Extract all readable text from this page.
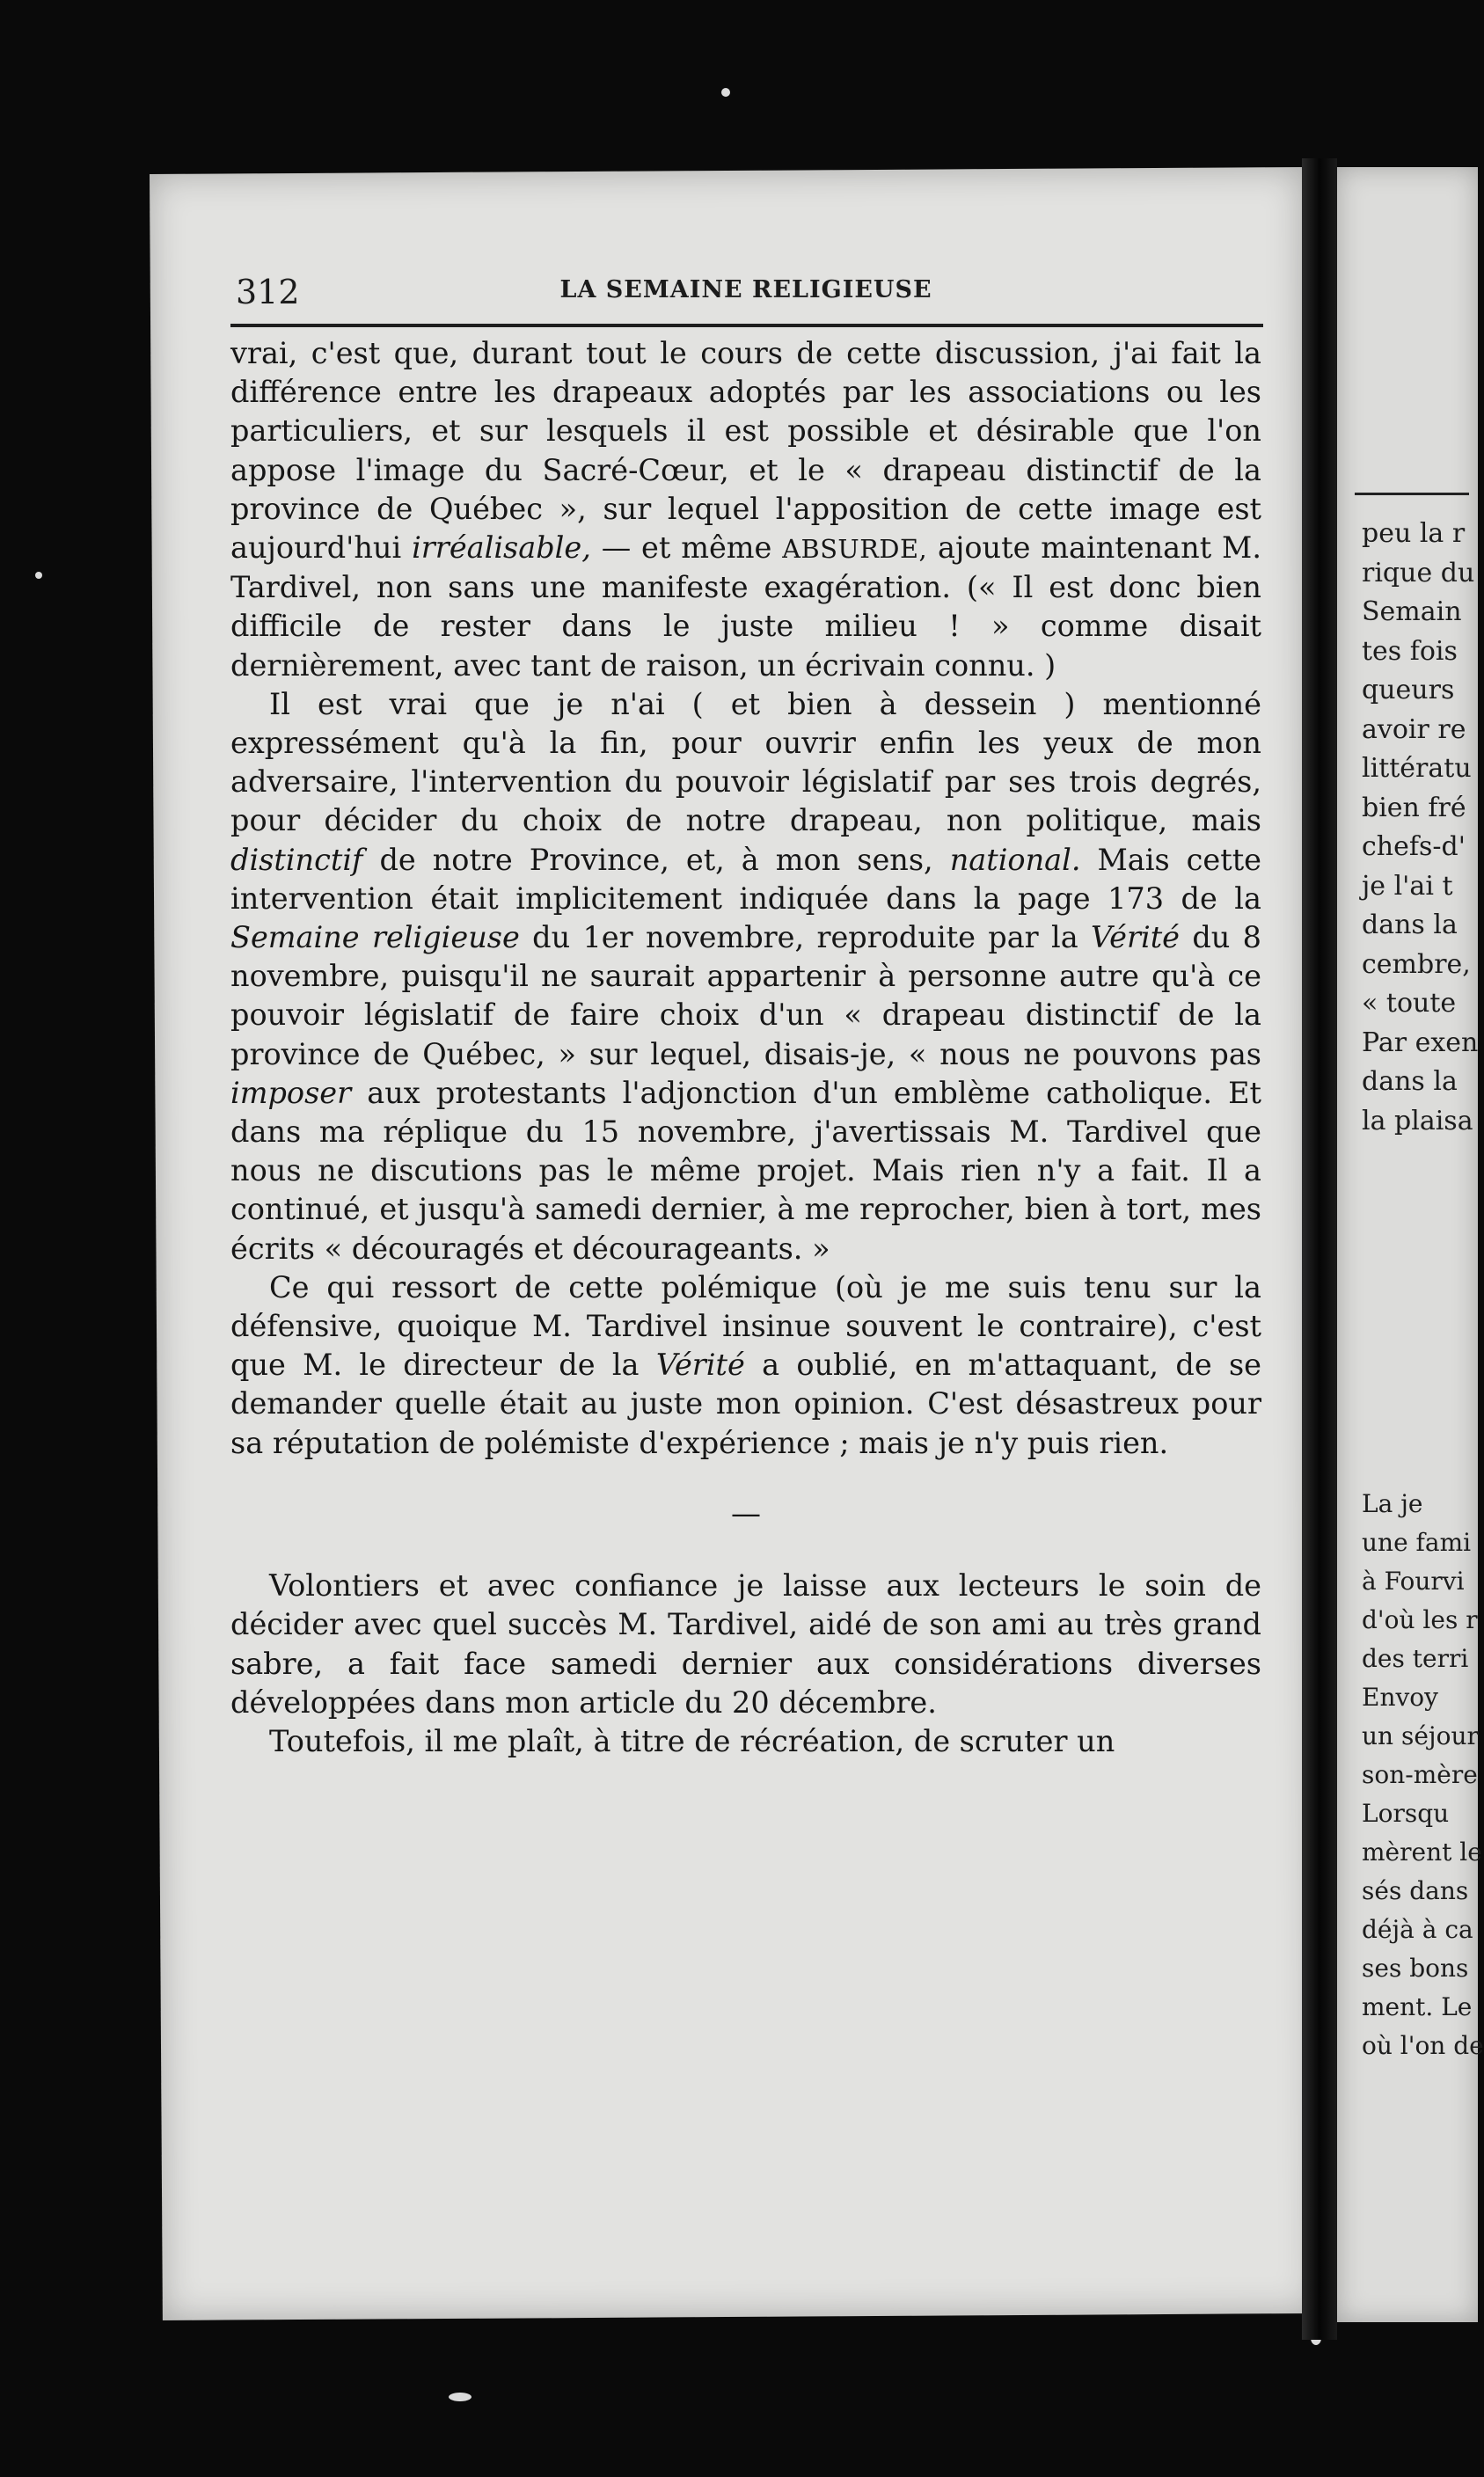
312	LA SEMAINE RELIGIEUSE

vrai, c'est que, durant tout le cours de cette discussion, j'ai fait la différence entre les drapeaux adoptés par les associations ou les particuliers, et sur lesquels il est possible et désirable que l'on appose l'image du Sacré-Cœur, et le « drapeau distinctif de la province de Québec », sur lequel l'apposition de cette image est aujourd'hui irréalisable, — et même ABSURDE, ajoute maintenant M. Tardivel, non sans une manifeste exagération. (« Il est donc bien difficile de rester dans le juste milieu ! » comme disait dernièrement, avec tant de raison, un écrivain connu. )

Il est vrai que je n'ai ( et bien à dessein ) mentionné expressément qu'à la fin, pour ouvrir enfin les yeux de mon adversaire, l'intervention du pouvoir législatif par ses trois degrés, pour décider du choix de notre drapeau, non politique, mais distinctif de notre Province, et, à mon sens, national. Mais cette intervention était implicitement indiquée dans la page 173 de la Semaine religieuse du 1er novembre, reproduite par la Vérité du 8 novembre, puisqu'il ne saurait appartenir à personne autre qu'à ce pouvoir législatif de faire choix d'un « drapeau distinctif de la province de Québec, » sur lequel, disais-je, « nous ne pouvons pas imposer aux protestants l'adjonction d'un emblème catholique. Et dans ma réplique du 15 novembre, j'avertissais M. Tardivel que nous ne discutions pas le même projet. Mais rien n'y a fait. Il a continué, et jusqu'à samedi dernier, à me reprocher, bien à tort, mes écrits « découragés et décourageants. »

Ce qui ressort de cette polémique (où je me suis tenu sur la défensive, quoique M. Tardivel insinue souvent le contraire), c'est que M. le directeur de la Vérité a oublié, en m'attaquant, de se demander quelle était au juste mon opinion. C'est désastreux pour sa réputation de polémiste d'expérience ; mais je n'y puis rien.

—

Volontiers et avec confiance je laisse aux lecteurs le soin de décider avec quel succès M. Tardivel, aidé de son ami au très grand sabre, a fait face samedi dernier aux considérations diverses développées dans mon article du 20 décembre.

Toutefois, il me plaît, à titre de récréation, de scruter un

peu la r
rique du
Semain
tes fois
queurs
avoir re
littératu
bien fré
chefs-d'
je l'ai t
dans la
cembre,
« toute
Par exen
dans la
la plaisa
La je
une fami
à Fourvi
d'où les r
des terri
Envoy
un séjour
son-mère
Lorsqu
mèrent le
sés dans
déjà à ca
ses bons
ment. Le
où l'on de
